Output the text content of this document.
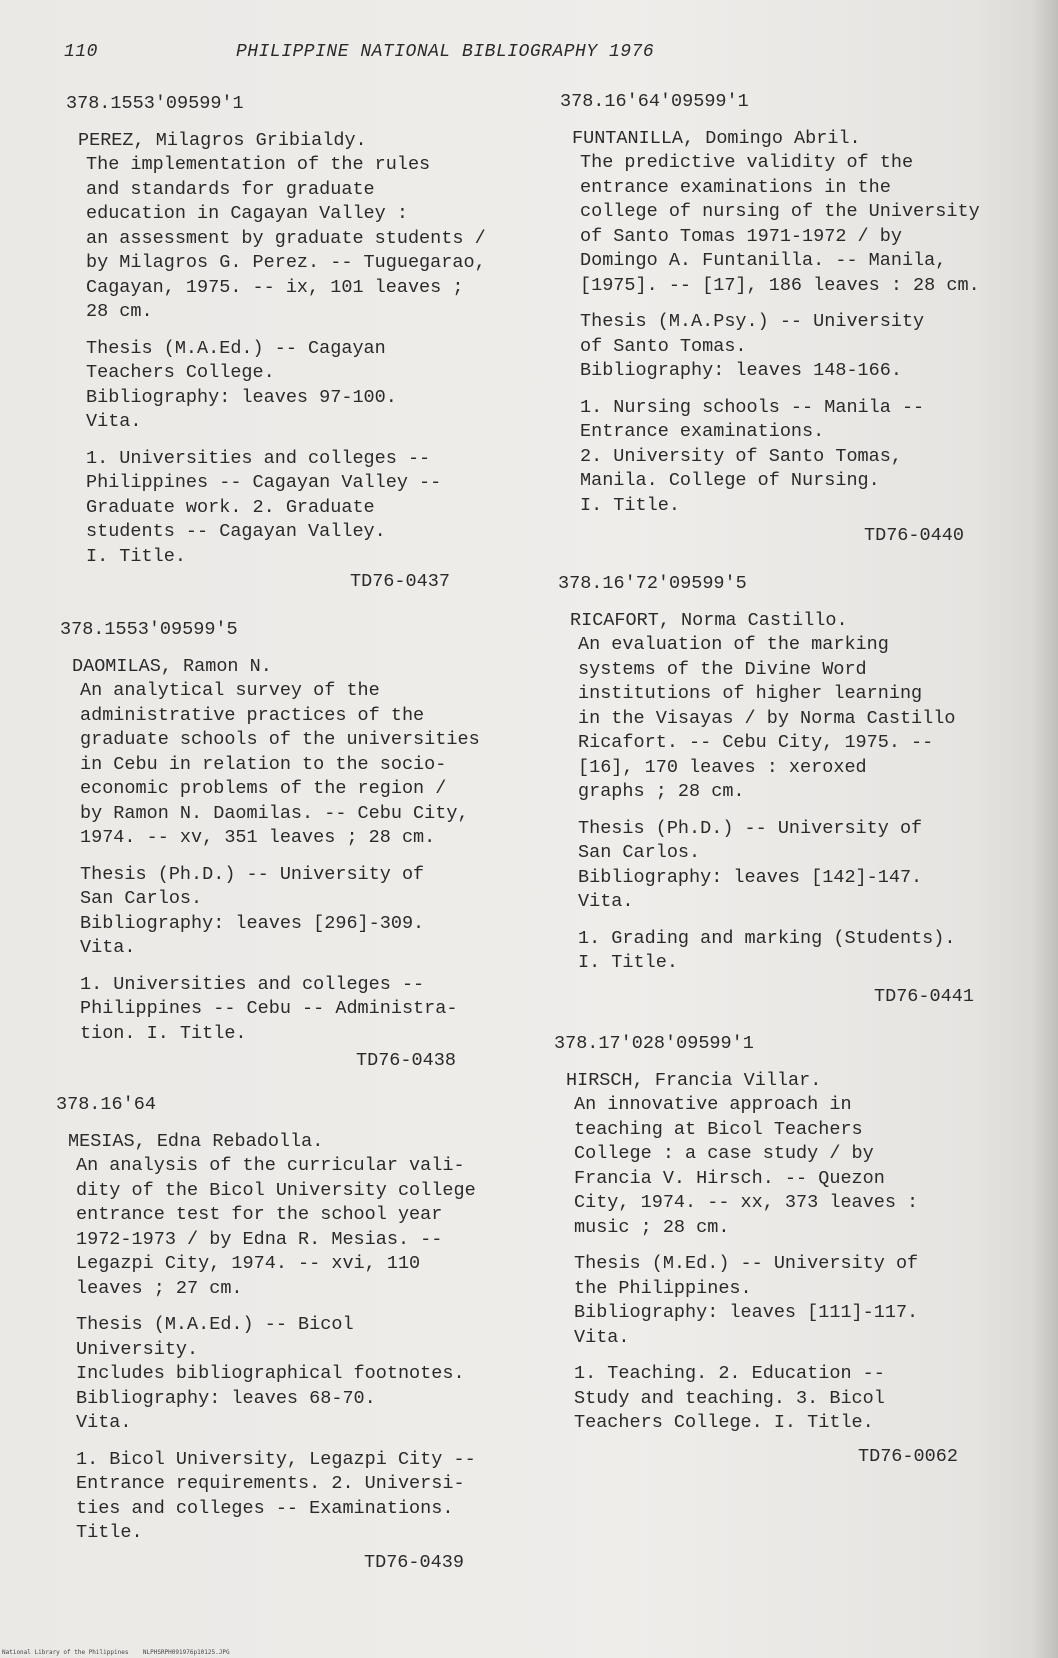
110	PHILIPPINE NATIONAL BIBLIOGRAPHY 1976

378.1553'09599'1

PEREZ, Milagros Gribialdy.

The implementation of the rules

and standards for graduate

education in Cagayan Valley :

an assessment by graduate students /

by Milagros G. Perez. -- Tuguegarao,

Cagayan, 1975. -- ix, 101 leaves ;

28 cm.

Thesis (M.A.Ed.) -- Cagayan

Teachers College.

Bibliography: leaves 97-100.

Vita.

1. Universities and colleges --

Philippines -- Cagayan Valley --

Graduate work. 2. Graduate

students -- Cagayan Valley.

I. Title.

TD76-0437

378.1553'09599'5

DAOMILAS, Ramon N.

An analytical survey of the

administrative practices of the

graduate schools of the universities

in Cebu in relation to the socio-

economic problems of the region /

by Ramon N. Daomilas. -- Cebu City,

1974. -- xv, 351 leaves ; 28 cm.

Thesis (Ph.D.) -- University of

San Carlos.

Bibliography: leaves [296]-309.

Vita.

1. Universities and colleges --

Philippines -- Cebu -- Administra-

tion. I. Title.

TD76-0438

378.16'64

MESIAS, Edna Rebadolla.

An analysis of the curricular vali-

dity of the Bicol University college

entrance test for the school year

1972-1973 / by Edna R. Mesias. --

Legazpi City, 1974. -- xvi, 110

leaves ; 27 cm.

Thesis (M.A.Ed.) -- Bicol

University.

Includes bibliographical footnotes.

Bibliography: leaves 68-70.

Vita.

1. Bicol University, Legazpi City --

Entrance requirements. 2. Universi-

ties and colleges -- Examinations.

Title.

TD76-0439

378.16'64'09599'1

FUNTANILLA, Domingo Abril.

The predictive validity of the

entrance examinations in the

college of nursing of the University

of Santo Tomas 1971-1972 / by

Domingo A. Funtanilla. -- Manila,

[1975]. -- [17], 186 leaves : 28 cm.

Thesis (M.A.Psy.) -- University

of Santo Tomas.

Bibliography: leaves 148-166.

1. Nursing schools -- Manila --

Entrance examinations.

2. University of Santo Tomas,

Manila. College of Nursing.

I. Title.

TD76-0440

378.16'72'09599'5

RICAFORT, Norma Castillo.

An evaluation of the marking

systems of the Divine Word

institutions of higher learning

in the Visayas / by Norma Castillo

Ricafort. -- Cebu City, 1975. --

[16], 170 leaves : xeroxed

graphs ; 28 cm.

Thesis (Ph.D.) -- University of

San Carlos.

Bibliography: leaves [142]-147.

Vita.

1. Grading and marking (Students).

I. Title.

TD76-0441

378.17'028'09599'1

HIRSCH, Francia Villar.

An innovative approach in

teaching at Bicol Teachers

College : a case study / by

Francia V. Hirsch. -- Quezon

City, 1974. -- xx, 373 leaves :

music ; 28 cm.

Thesis (M.Ed.) -- University of

the Philippines.

Bibliography: leaves [111]-117.

Vita.

1. Teaching. 2. Education --

Study and teaching. 3. Bicol

Teachers College. I. Title.

TD76-0062
National Library of the Philippines    NLPHSRPH091976p10125.JPG
